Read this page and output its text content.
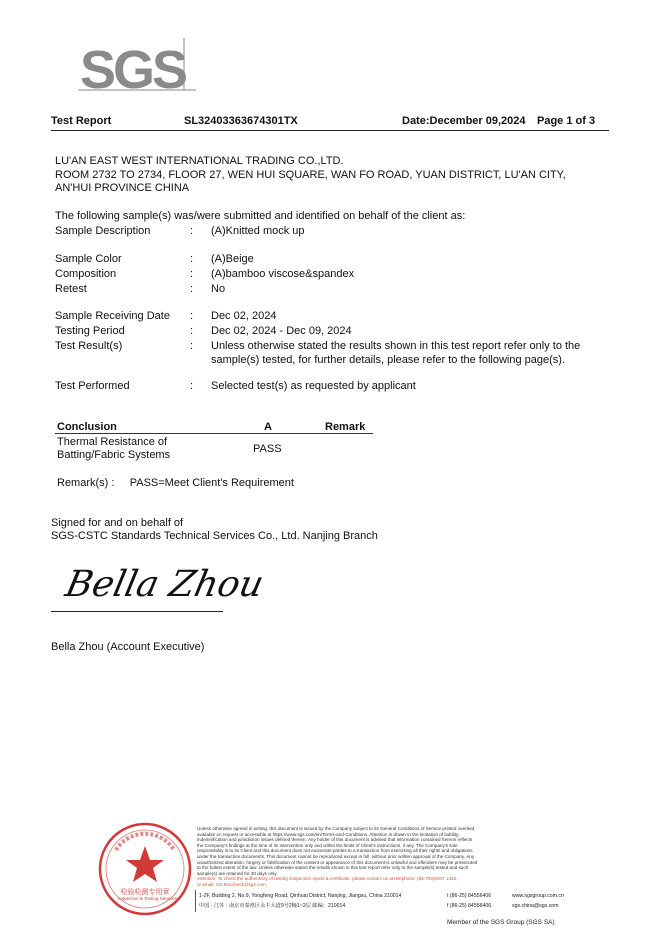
SGS
Test Report	SL32403363674301TX	Date:December 09,2024 Page 1 of 3
LU'AN EAST WEST INTERNATIONAL TRADING CO.,LTD.
ROOM 2732 TO 2734, FLOOR 27, WEN HUI SQUARE, WAN FO ROAD, YUAN DISTRICT, LU'AN CITY,
AN'HUI PROVINCE CHINA
The following sample(s) was/were submitted and identified on behalf of the client as:
Sample Description	: (A)Knitted mock up
Sample Color	: (A)Beige
Composition	: (A)bamboo viscose&spandex
Retest	: No
Sample Receiving Date : Dec 02, 2024
Testing Period	: Dec 02, 2024 - Dec 09, 2024
Test Result(s)	: Unless otherwise stated the results shown in this test report refer only to the
sample(s) tested, for further details, please refer to the following page(s).
Test Performed	: Selected test(s) as requested by applicant
Conclusion	A	Remark
Thermal Resistance of
Batting/Fabric Systems	PASS
Remark(s) :     PASS=Meet Client's Requirement
Signed for and on behalf of
SGS-CSTC Standards Technical Services Co., Ltd. Nanjing Branch
Bella Zhou
Bella Zhou (Account Executive)
检验检测专用章
Inspection & Testing Services
Unless otherwise agreed in writing, this document is issued by the Company subject to its General Conditions of Service printed overleaf,
available on request or accessible at https://www.sgs.com/en/Terms-and-Conditions. Attention is drawn to the limitation of liability,
indemnification and jurisdiction issues defined therein. Any holder of this document is advised that information contained hereon reflects
the Company's findings at the time of its intervention only and within the limits of Client's instructions, if any. The Company's sole
responsibility is to its Client and this document does not exonerate parties to a transaction from exercising all their rights and obligations
under the transaction documents. This document cannot be reproduced except in full, without prior written approval of the Company. Any
unauthorized alteration, forgery or falsification of the content or appearance of this document is unlawful and offenders may be prosecuted
to the fullest extent of the law. Unless otherwise stated the results shown in this test report refer only to the sample(s) tested and such
sample(s) are retained for 30 days only.
Attention: To check the authenticity of testing /inspection report & certificate, please contact us at telephone: (86-755)8307 1443,
or email: CN.Doccheck@sgs.com
1-2F, Building 2, No.9, Yongfeng Road, Qinhuai District, Nanjing, Jiangsu, China 210014
中国 · 江苏 · 南京市秦淮区永丰大道9号2幢1~2层 邮编：210014
t (86-25) 84556406
f (86-25) 84556406
www.sgsgroup.com.cn
sgs.china@sgs.com
Member of the SGS Group (SGS SA)
